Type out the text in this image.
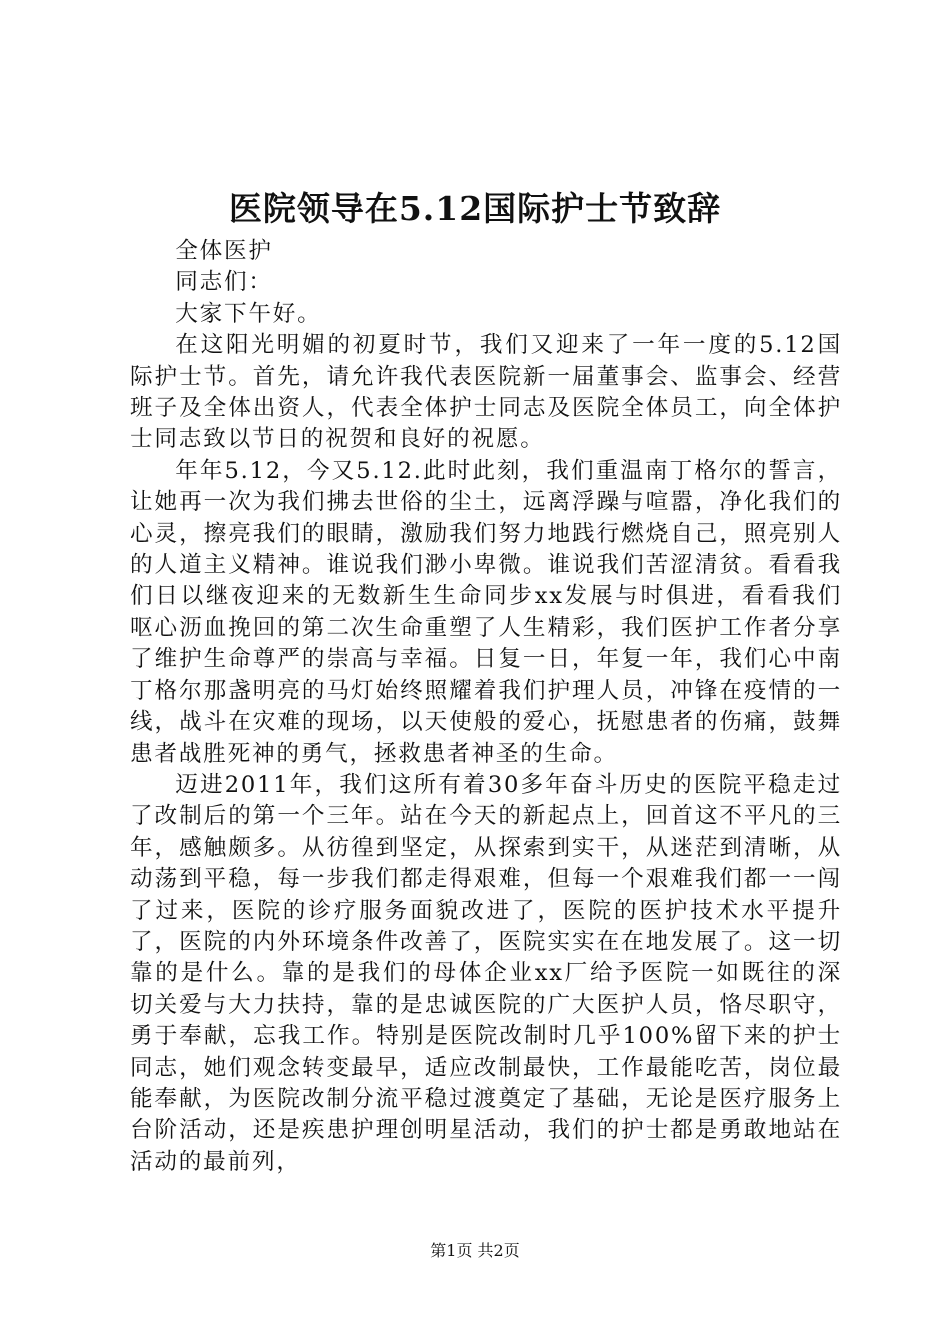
医院领导在5.12国际护士节致辞

全体医护

同志们：

大家下午好。

在这阳光明媚的初夏时节，我们又迎来了一年一度的5.12国际护士节。首先，请允许我代表医院新一届董事会、监事会、经营班子及全体出资人，代表全体护士同志及医院全体员工，向全体护士同志致以节日的祝贺和良好的祝愿。

年年5.12，今又5.12.此时此刻，我们重温南丁格尔的誓言，让她再一次为我们拂去世俗的尘土，远离浮躁与喧嚣，净化我们的心灵，擦亮我们的眼睛，激励我们努力地践行燃烧自己，照亮别人的人道主义精神。谁说我们渺小卑微。谁说我们苦涩清贫。看看我们日以继夜迎来的无数新生生命同步xx发展与时俱进，看看我们呕心沥血挽回的第二次生命重塑了人生精彩，我们医护工作者分享了维护生命尊严的崇高与幸福。日复一日，年复一年，我们心中南丁格尔那盏明亮的马灯始终照耀着我们护理人员，冲锋在疫情的一线，战斗在灾难的现场，以天使般的爱心，抚慰患者的伤痛，鼓舞患者战胜死神的勇气，拯救患者神圣的生命。

迈进2011年，我们这所有着30多年奋斗历史的医院平稳走过了改制后的第一个三年。站在今天的新起点上，回首这不平凡的三年，感触颇多。从彷徨到坚定，从探索到实干，从迷茫到清晰，从动荡到平稳，每一步我们都走得艰难，但每一个艰难我们都一一闯了过来，医院的诊疗服务面貌改进了，医院的医护技术水平提升了，医院的内外环境条件改善了，医院实实在在地发展了。这一切靠的是什么。靠的是我们的母体企业xx厂给予医院一如既往的深切关爱与大力扶持，靠的是忠诚医院的广大医护人员，恪尽职守，勇于奉献，忘我工作。特别是医院改制时几乎100%留下来的护士同志，她们观念转变最早，适应改制最快，工作最能吃苦，岗位最能奉献，为医院改制分流平稳过渡奠定了基础，无论是医疗服务上台阶活动，还是疾患护理创明星活动，我们的护士都是勇敢地站在活动的最前列，

第1页 共2页
